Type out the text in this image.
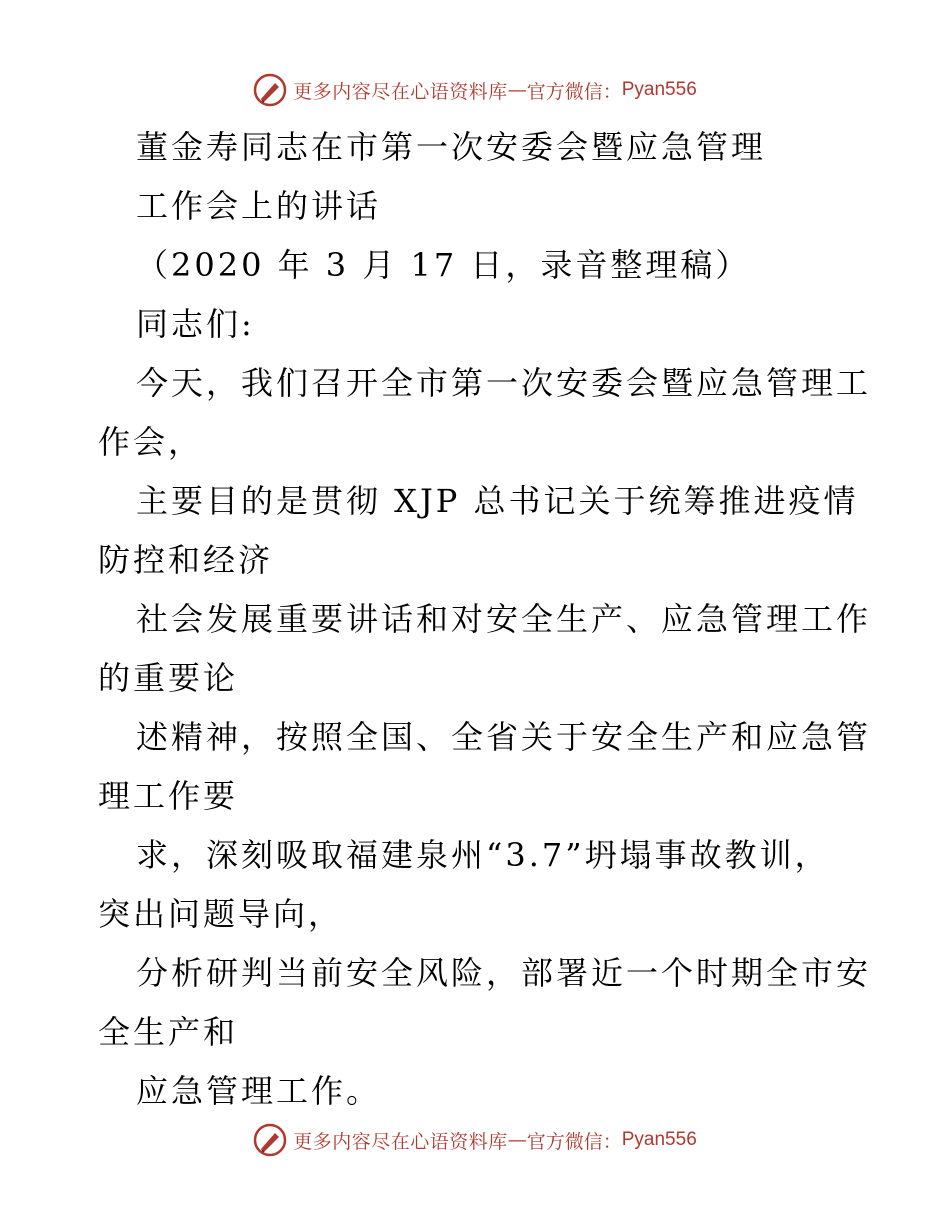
更多内容尽在心语资料库 — 官方微信： Pyan556
董金寿同志在市第一次安委会暨应急管理
工作会上的讲话
（2020 年 3 月 17 日，录音整理稿）
同志们:
今天，我们召开全市第一次安委会暨应急管理工
作会，
主要目的是贯彻 XJP 总书记关于统筹推进疫情
防控和经济
社会发展重要讲话和对安全生产、应急管理工作
的重要论
述精神，按照全国、全省关于安全生产和应急管
理工作要
求，深刻吸取福建泉州“3.7”坍塌事故教训，
突出问题导向，
分析研判当前安全风险，部署近一个时期全市安
全生产和
应急管理工作。
更多内容尽在心语资料库 — 官方微信： Pyan556
